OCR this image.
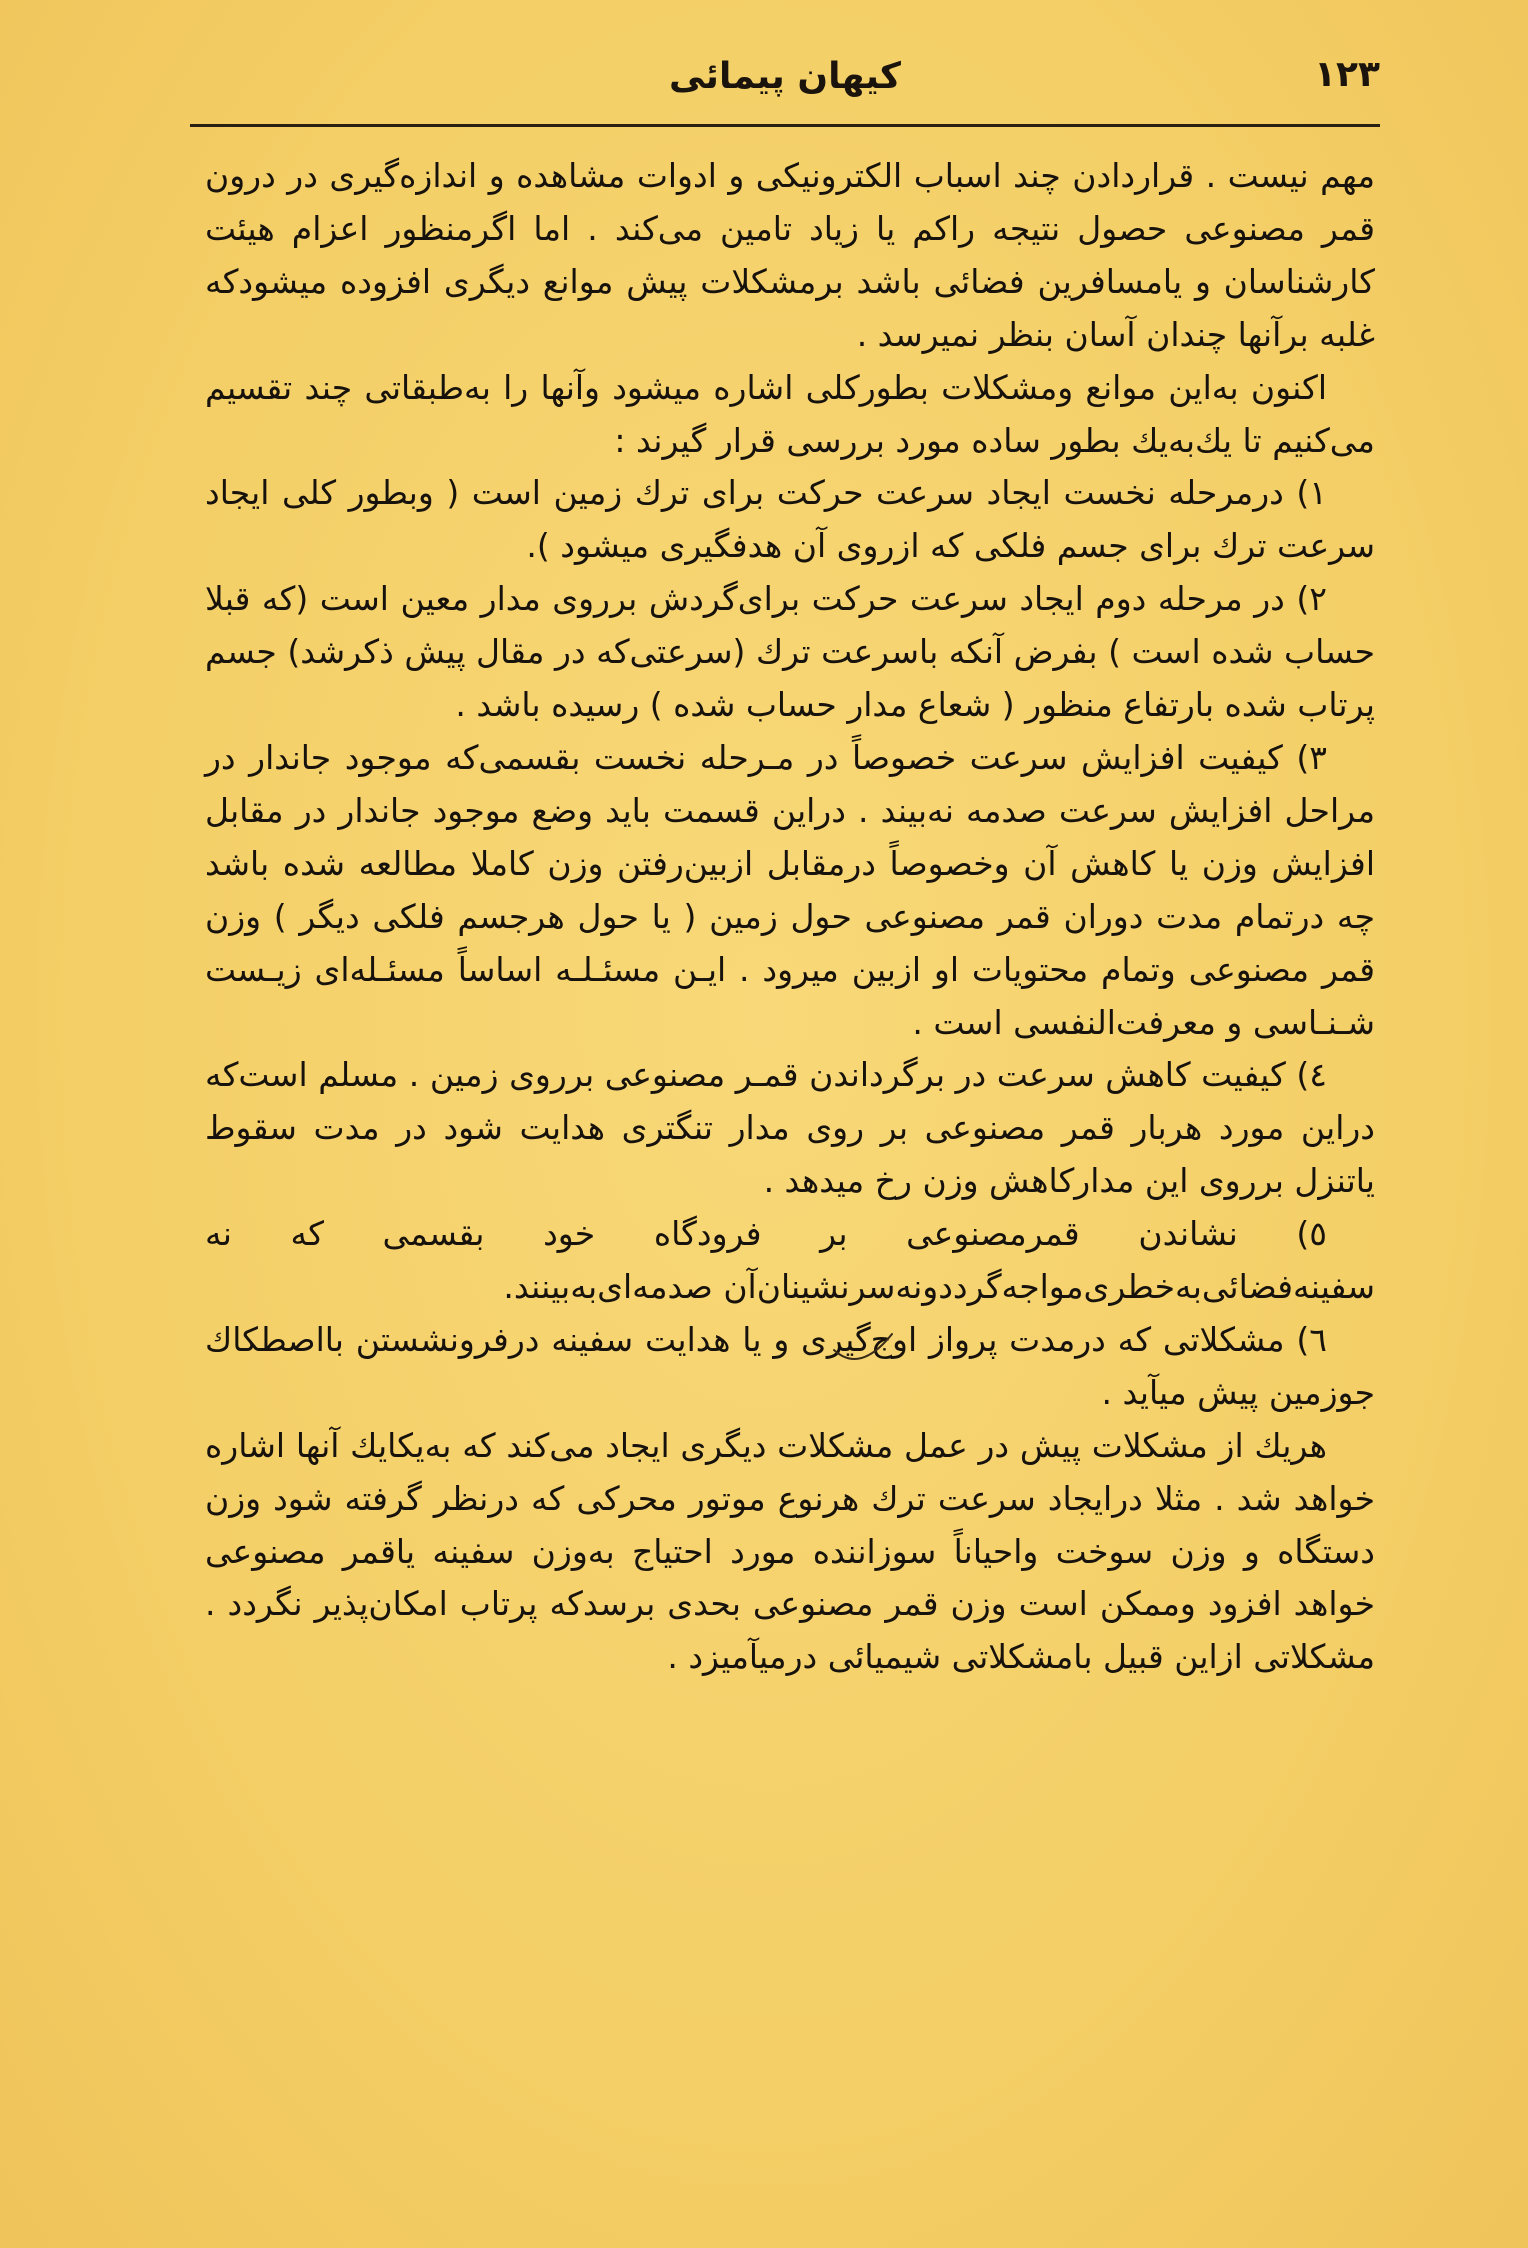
۱۲۳
کیهان پیمائی

مهم نیست . قراردادن چند اسباب الکترونیکی و ادوات مشاهده و اندازه‌گیری در درون قمر مصنوعی حصول نتیجه راکم یا زیاد تامین می‌کند . اما اگرمنظور اعزام هیئت کارشناسان و یامسافرین فضائی باشد برمشکلات پیش موانع دیگری افزوده میشودکه غلبه برآنها چندان آسان بنظر نمیرسد .

اکنون به‌این موانع ومشکلات بطورکلی اشاره میشود وآنها را به‌طبقاتی چند تقسیم می‌کنیم تا یك‌به‌یك بطور ساده مورد بررسی قرار گیرند :

۱) درمرحله نخست ایجاد سرعت حرکت برای ترك زمین است ( وبطور کلی ایجاد سرعت ترك برای جسم فلکی که ازروی آن هدفگیری میشود ).

۲) در مرحله دوم ایجاد سرعت حرکت برای‌گردش برروی مدار معین است (که قبلا حساب شده است ) بفرض آنکه باسرعت ترك (سرعتی‌که در مقال پیش ذکرشد) جسم پرتاب شده بارتفاع منظور ( شعاع مدار حساب شده ) رسیده باشد .

۳) کیفیت افزایش سرعت خصوصاً در مـرحله نخست بقسمی‌که موجود جاندار در مراحل افزایش سرعت صدمه نه‌بیند . دراین قسمت باید وضع موجود جاندار در مقابل افزایش وزن یا کاهش آن وخصوصاً درمقابل ازبین‌رفتن وزن کاملا مطالعه شده باشد چه درتمام مدت دوران قمر مصنوعی حول زمین ( یا حول هرجسم فلکی دیگر ) وزن قمر مصنوعی وتمام محتویات او ازبین میرود . ایـن مسئـلـه اساساً مسئـله‌ای زیـست شـنـاسی و معرفت‌النفسی است .

٤) کیفیت کاهش سرعت در برگرداندن قمـر مصنوعی برروی زمین . مسلم است‌که دراین مورد هربار قمر مصنوعی بر روی مدار تنگتری هدایت شود در مدت سقوط یاتنزل برروی این مدارکاهش وزن رخ میدهد .

٥) نشاندن قمرمصنوعی بر فرودگاه خود بقسمی که نه سفینه‌فضائی‌به‌خطری‌مواجه‌گرددونه‌سرنشینان‌آن صدمه‌ای‌به‌بینند.

٦) مشکلاتی که درمدت پرواز اوج‌گیری و یا هدایت سفینه درفرونشستن بااصطکاك جوزمین پیش میآید .

هریك از مشکلات پیش در عمل مشکلات دیگری ایجاد می‌کند که به‌یکایك آنها اشاره خواهد شد . مثلا درایجاد سرعت ترك هرنوع موتور محرکی که درنظر گرفته شود وزن دستگاه و وزن سوخت واحیاناً سوزاننده مورد احتیاج به‌وزن سفینه یاقمر مصنوعی خواهد افزود وممکن است وزن قمر مصنوعی بحدی برسدکه پرتاب امکان‌پذیر نگردد . مشکلاتی ازاین قبیل بامشکلاتی شیمیائی درمیآمیزد .
